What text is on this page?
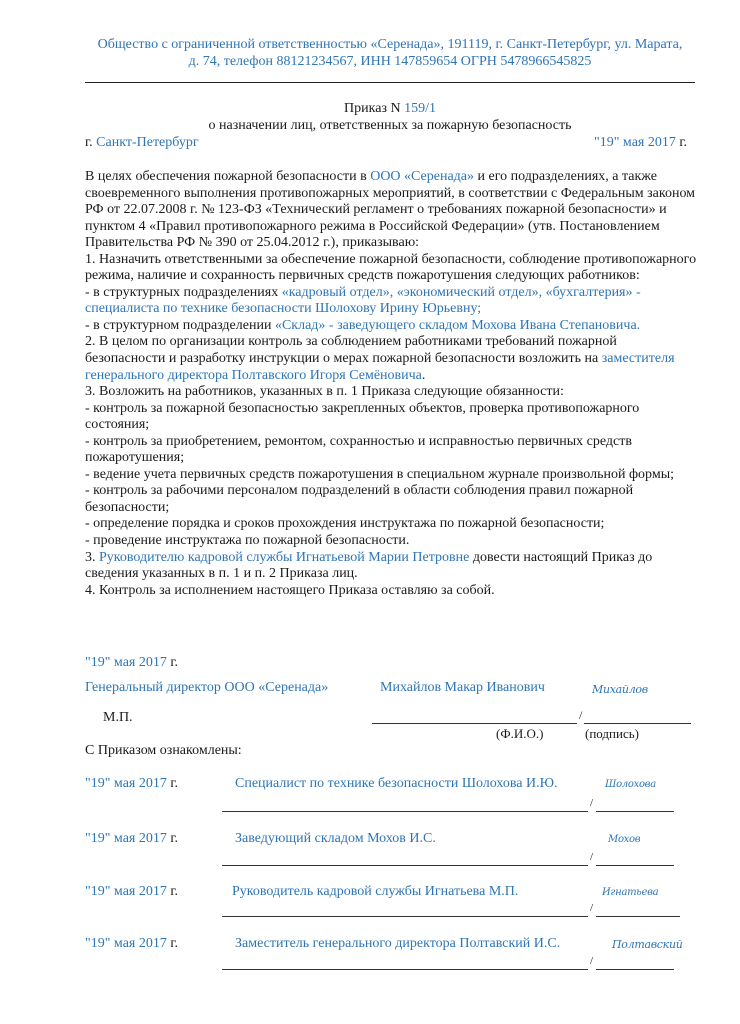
Общество с ограниченной ответственностью «Серенада», 191119, г. Санкт-Петербург, ул. Марата,
д. 74, телефон 88121234567, ИНН 147859654 ОГРН 5478966545825
Приказ N 159/1
о назначении лиц, ответственных за пожарную безопасность
г. Санкт-Петербург	"19" мая 2017 г.

В целях обеспечения пожарной безопасности в ООО «Серенада» и его подразделениях, а также своевременного выполнения противопожарных мероприятий, в соответствии с Федеральным законом РФ от 22.07.2008 г. № 123-ФЗ «Технический регламент о требованиях пожарной безопасности» и пунктом 4 «Правил противопожарного режима в Российской Федерации» (утв. Постановлением Правительства РФ № 390 от 25.04.2012 г.), приказываю:

1. Назначить ответственными за обеспечение пожарной безопасности, соблюдение противопожарного режима, наличие и сохранность первичных средств пожаротушения следующих работников:

- в структурных подразделениях «кадровый отдел», «экономический отдел», «бухгалтерия» - специалиста по технике безопасности Шолохову Ирину Юрьевну;

- в структурном подразделении «Склад» - заведующего складом Мохова Ивана Степановича.

2. В целом по организации контроль за соблюдением работниками требований пожарной безопасности и разработку инструкции о мерах пожарной безопасности возложить на заместителя генерального директора Полтавского Игоря Семёновича.

3. Возложить на работников, указанных в п. 1 Приказа следующие обязанности:

- контроль за пожарной безопасностью закрепленных объектов, проверка противопожарного состояния;

- контроль за приобретением, ремонтом, сохранностью и исправностью первичных средств пожаротушения;

- ведение учета первичных средств пожаротушения в специальном журнале произвольной формы;

- контроль за рабочими персоналом подразделений в области соблюдения правил пожарной безопасности;

- определение порядка и сроков прохождения инструктажа по пожарной безопасности;

- проведение инструктажа по пожарной безопасности.

3. Руководителю кадровой службы Игнатьевой Марии Петровне довести настоящий Приказ до сведения указанных в п. 1 и п. 2 Приказа лиц.

4. Контроль за исполнением настоящего Приказа оставляю за собой.

"19" мая 2017 г.
Генеральный директор ООО «Серенада»	Михайлов Макар Иванович	Михайлов
М.П.	/
(Ф.И.О.)	(подпись)
С Приказом ознакомлены:
"19" мая 2017 г.	Специалист по технике безопасности Шолохова И.Ю.	Шолохова
/
"19" мая 2017 г.	Заведующий складом Мохов И.С.	Мохов
/
"19" мая 2017 г.	Руководитель кадровой службы Игнатьева М.П.	Игнатьева
/
"19" мая 2017 г.	Заместитель генерального директора Полтавский И.С.	Полтавский
/
